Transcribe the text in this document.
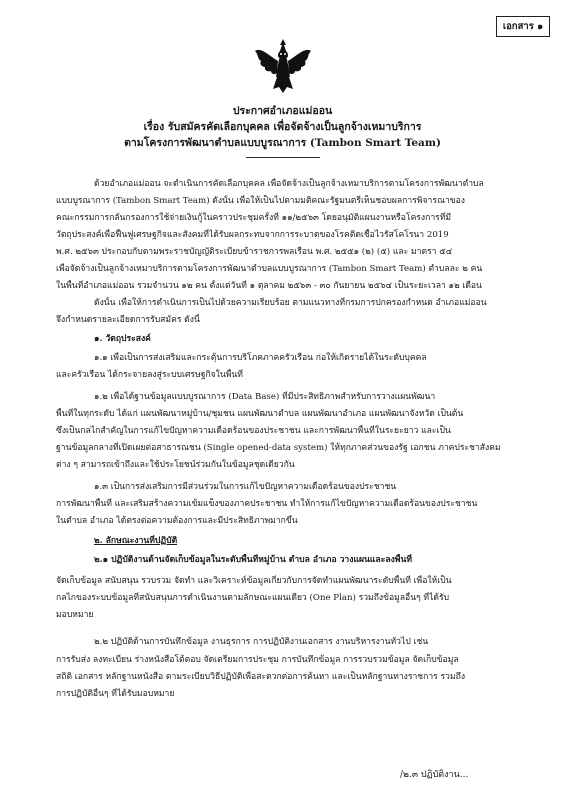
เอกสาร ๑
ประกาศอำเภอแม่ออน
เรื่อง รับสมัครคัดเลือกบุคคล เพื่อจัดจ้างเป็นลูกจ้างเหมาบริการ
ตามโครงการพัฒนาตำบลแบบบูรณาการ (Tambon Smart Team)
ด้วยอำเภอแม่ออน จะดำเนินการคัดเลือกบุคคล เพื่อจัดจ้างเป็นลูกจ้างเหมาบริการตามโครงการพัฒนาตำบล
แบบบูรณาการ (Tambon Smart Team) ดังนั้น เพื่อให้เป็นไปตามมติคณะรัฐมนตรีเห็นชอบผลการพิจารณาของ
คณะกรรมการกลั่นกรองการใช้จ่ายเงินกู้ในคราวประชุมครั้งที่ ๑๑/๒๕๖๓ โดยอนุมัติแผนงานหรือโครงการที่มี
วัตถุประสงค์เพื่อฟื้นฟูเศรษฐกิจและสังคมที่ได้รับผลกระทบจากการระบาดของโรคติดเชื้อไวรัสโคโรนา 2019
พ.ศ. ๒๕๖๓ ประกอบกับตามพระราชบัญญัติระเบียบข้าราชการพลเรือน พ.ศ. ๒๕๕๑ (๒) (๕) และ มาตรา ๕๔
เพื่อจัดจ้างเป็นลูกจ้างเหมาบริการตามโครงการพัฒนาตำบลแบบบูรณาการ (Tambon Smart Team) ตำบลละ ๒ คน
ในพื้นที่อำเภอแม่ออน รวมจำนวน ๑๒ คน ตั้งแต่วันที่ ๑ ตุลาคม ๒๕๖๓ - ๓๐ กันยายน ๒๕๖๔ เป็นระยะเวลา ๑๒ เดือน
ดังนั้น เพื่อให้การดำเนินการเป็นไปด้วยความเรียบร้อย ตามแนวทางที่กรมการปกครองกำหนด อำเภอแม่ออน
จึงกำหนดรายละเอียดการรับสมัคร ดังนี้
๑. วัตถุประสงค์
๑.๑ เพื่อเป็นการส่งเสริมและกระตุ้นการบริโภคภาคครัวเรือน ก่อให้เกิดรายได้ในระดับบุคคล
และครัวเรือน ได้กระจายลงสู่ระบบเศรษฐกิจในพื้นที่
๑.๒ เพื่อได้ฐานข้อมูลแบบบูรณาการ (Data Base) ที่มีประสิทธิภาพสำหรับการวางแผนพัฒนา
พื้นที่ในทุกระดับ ได้แก่ แผนพัฒนาหมู่บ้าน/ชุมชน แผนพัฒนาตำบล แผนพัฒนาอำเภอ แผนพัฒนาจังหวัด เป็นต้น
ซึ่งเป็นกลไกสำคัญในการแก้ไขปัญหาความเดือดร้อนของประชาชน และการพัฒนาพื้นที่ในระยะยาว และเป็น
ฐานข้อมูลกลางที่เปิดเผยต่อสาธารณชน (Single opened-data system) ให้ทุกภาคส่วนของรัฐ เอกชน ภาคประชาสังคม
ต่าง ๆ สามารถเข้าถึงและใช้ประโยชน์ร่วมกันในข้อมูลชุดเดียวกัน
๑.๓ เป็นการส่งเสริมการมีส่วนร่วมในการแก้ไขปัญหาความเดือดร้อนของประชาชน
การพัฒนาพื้นที่ และเสริมสร้างความเข้มแข็งของภาคประชาชน ทำให้การแก้ไขปัญหาความเดือดร้อนของประชาชน
ในตำบล อำเภอ ได้ตรงต่อความต้องการและมีประสิทธิภาพมากขึ้น
๒. ลักษณะงานที่ปฏิบัติ
๒.๑ ปฏิบัติงานด้านจัดเก็บข้อมูลในระดับพื้นที่หมู่บ้าน ตำบล อำเภอ วางแผนและลงพื้นที่
จัดเก็บข้อมูล สนับสนุน รวบรวม จัดทำ และวิเคราะห์ข้อมูลเกี่ยวกับการจัดทำแผนพัฒนาระดับพื้นที่ เพื่อให้เป็น
กลไกของระบบข้อมูลที่สนับสนุนการดำเนินงานตามลักษณะแผนเดียว (One Plan) รวมถึงข้อมูลอื่นๆ ที่ได้รับ
มอบหมาย
๒.๒ ปฏิบัติด้านการบันทึกข้อมูล งานธุรการ การปฏิบัติงานเอกสาร งานบริหารงานทั่วไป เช่น
การรับส่ง ลงทะเบียน ร่างหนังสือโต้ตอบ จัดเตรียมการประชุม การบันทึกข้อมูล การรวบรวมข้อมูล จัดเก็บข้อมูล
สถิติ เอกสาร หลักฐานหนังสือ ตามระเบียบวิธีปฏิบัติเพื่อสะดวกต่อการค้นหา และเป็นหลักฐานทางราชการ รวมถึง
การปฏิบัติอื่นๆ ที่ได้รับมอบหมาย
/๒.๓ ปฏิบัติงาน...
